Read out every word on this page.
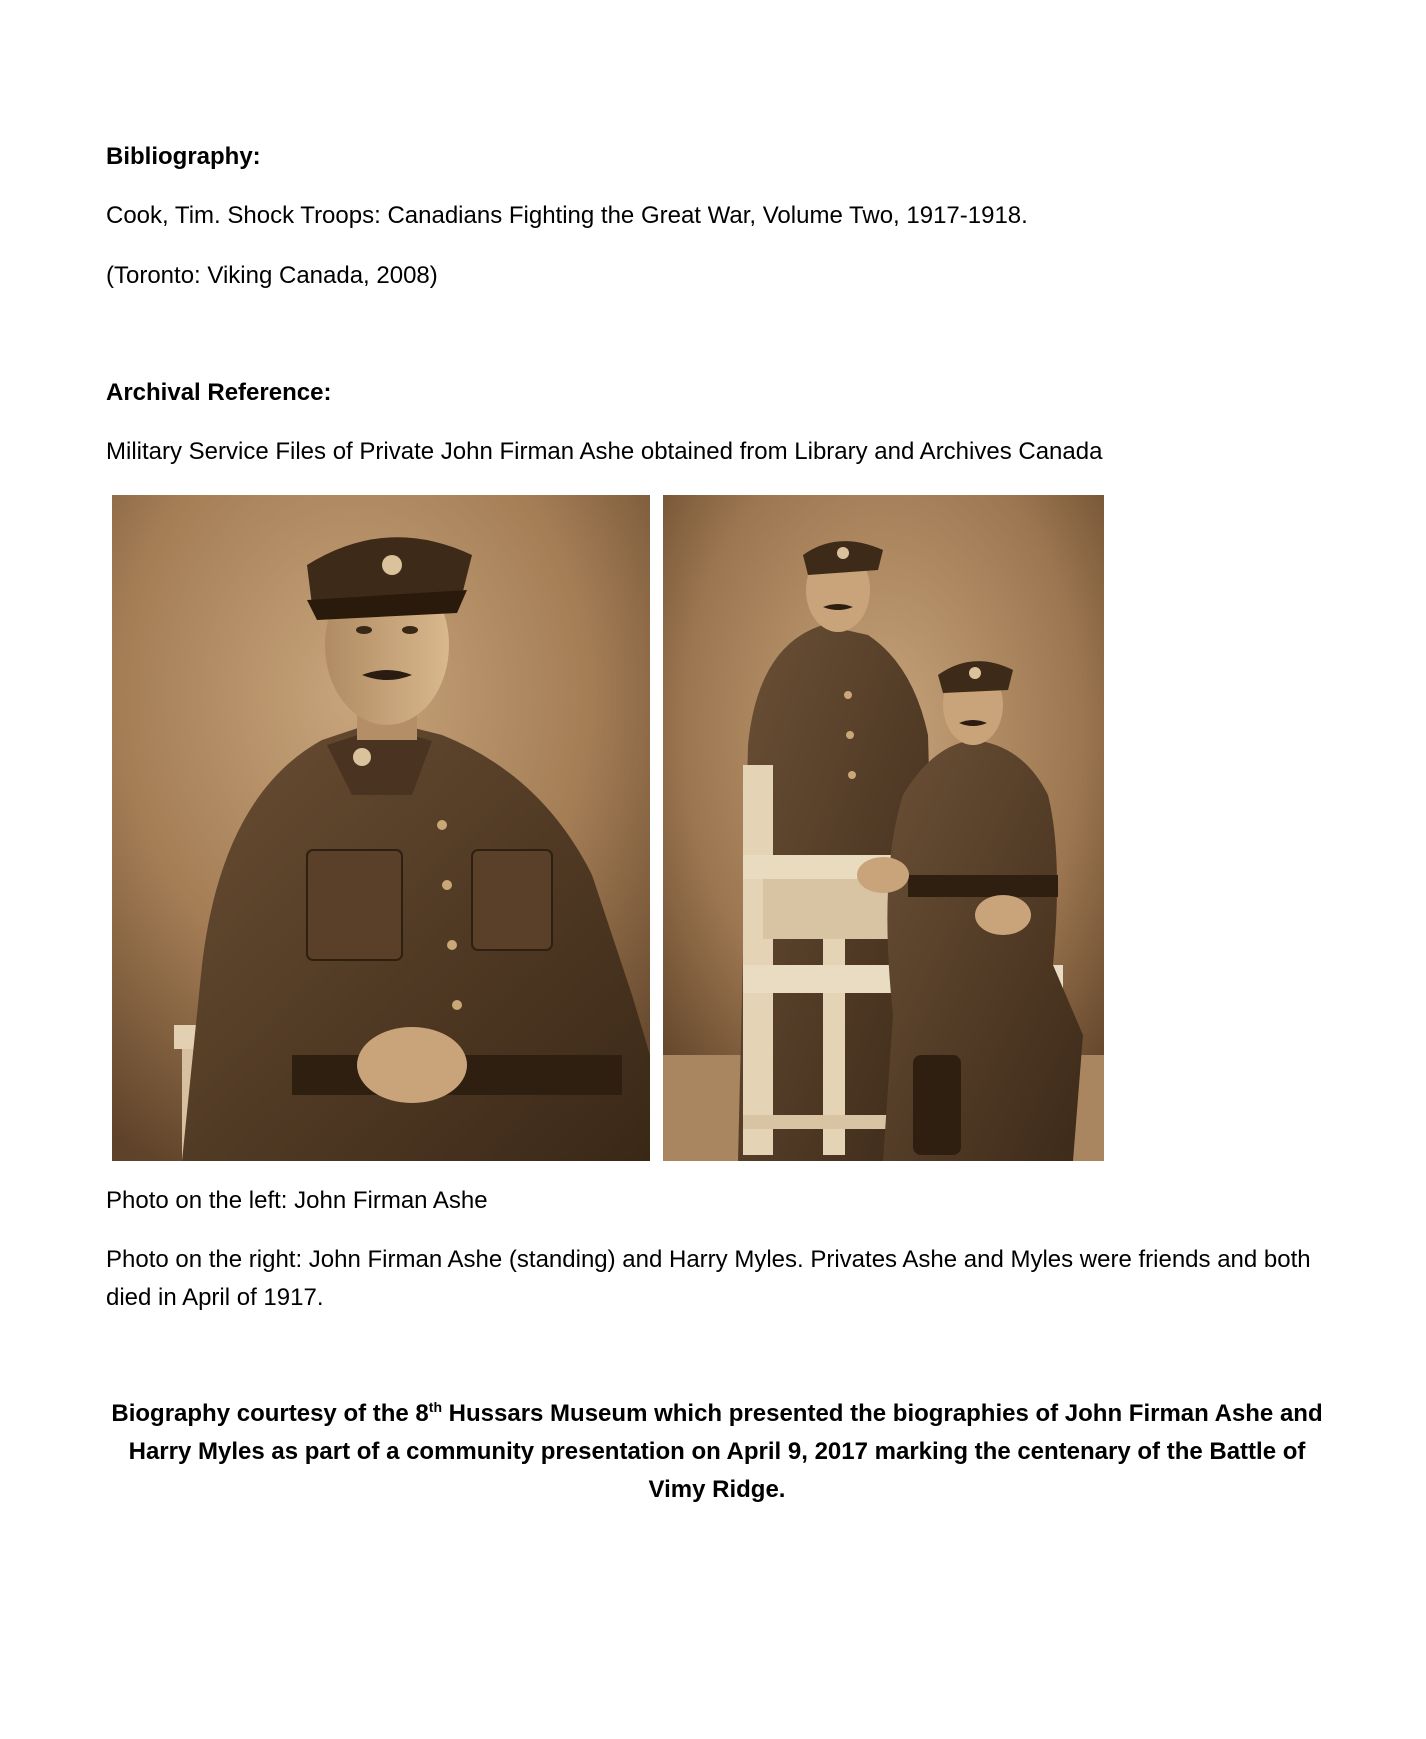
Bibliography:
Cook, Tim. Shock Troops: Canadians Fighting the Great War, Volume Two, 1917-1918.
(Toronto: Viking Canada, 2008)
Archival Reference:
Military Service Files of Private John Firman Ashe obtained from Library and Archives Canada
Photo on the left: John Firman Ashe
Photo on the right: John Firman Ashe (standing) and Harry Myles. Privates Ashe and Myles were friends and both died in April of 1917.
Biography courtesy of the 8th Hussars Museum which presented the biographies of John Firman Ashe and Harry Myles as part of a community presentation on April 9, 2017 marking the centenary of the Battle of Vimy Ridge.
